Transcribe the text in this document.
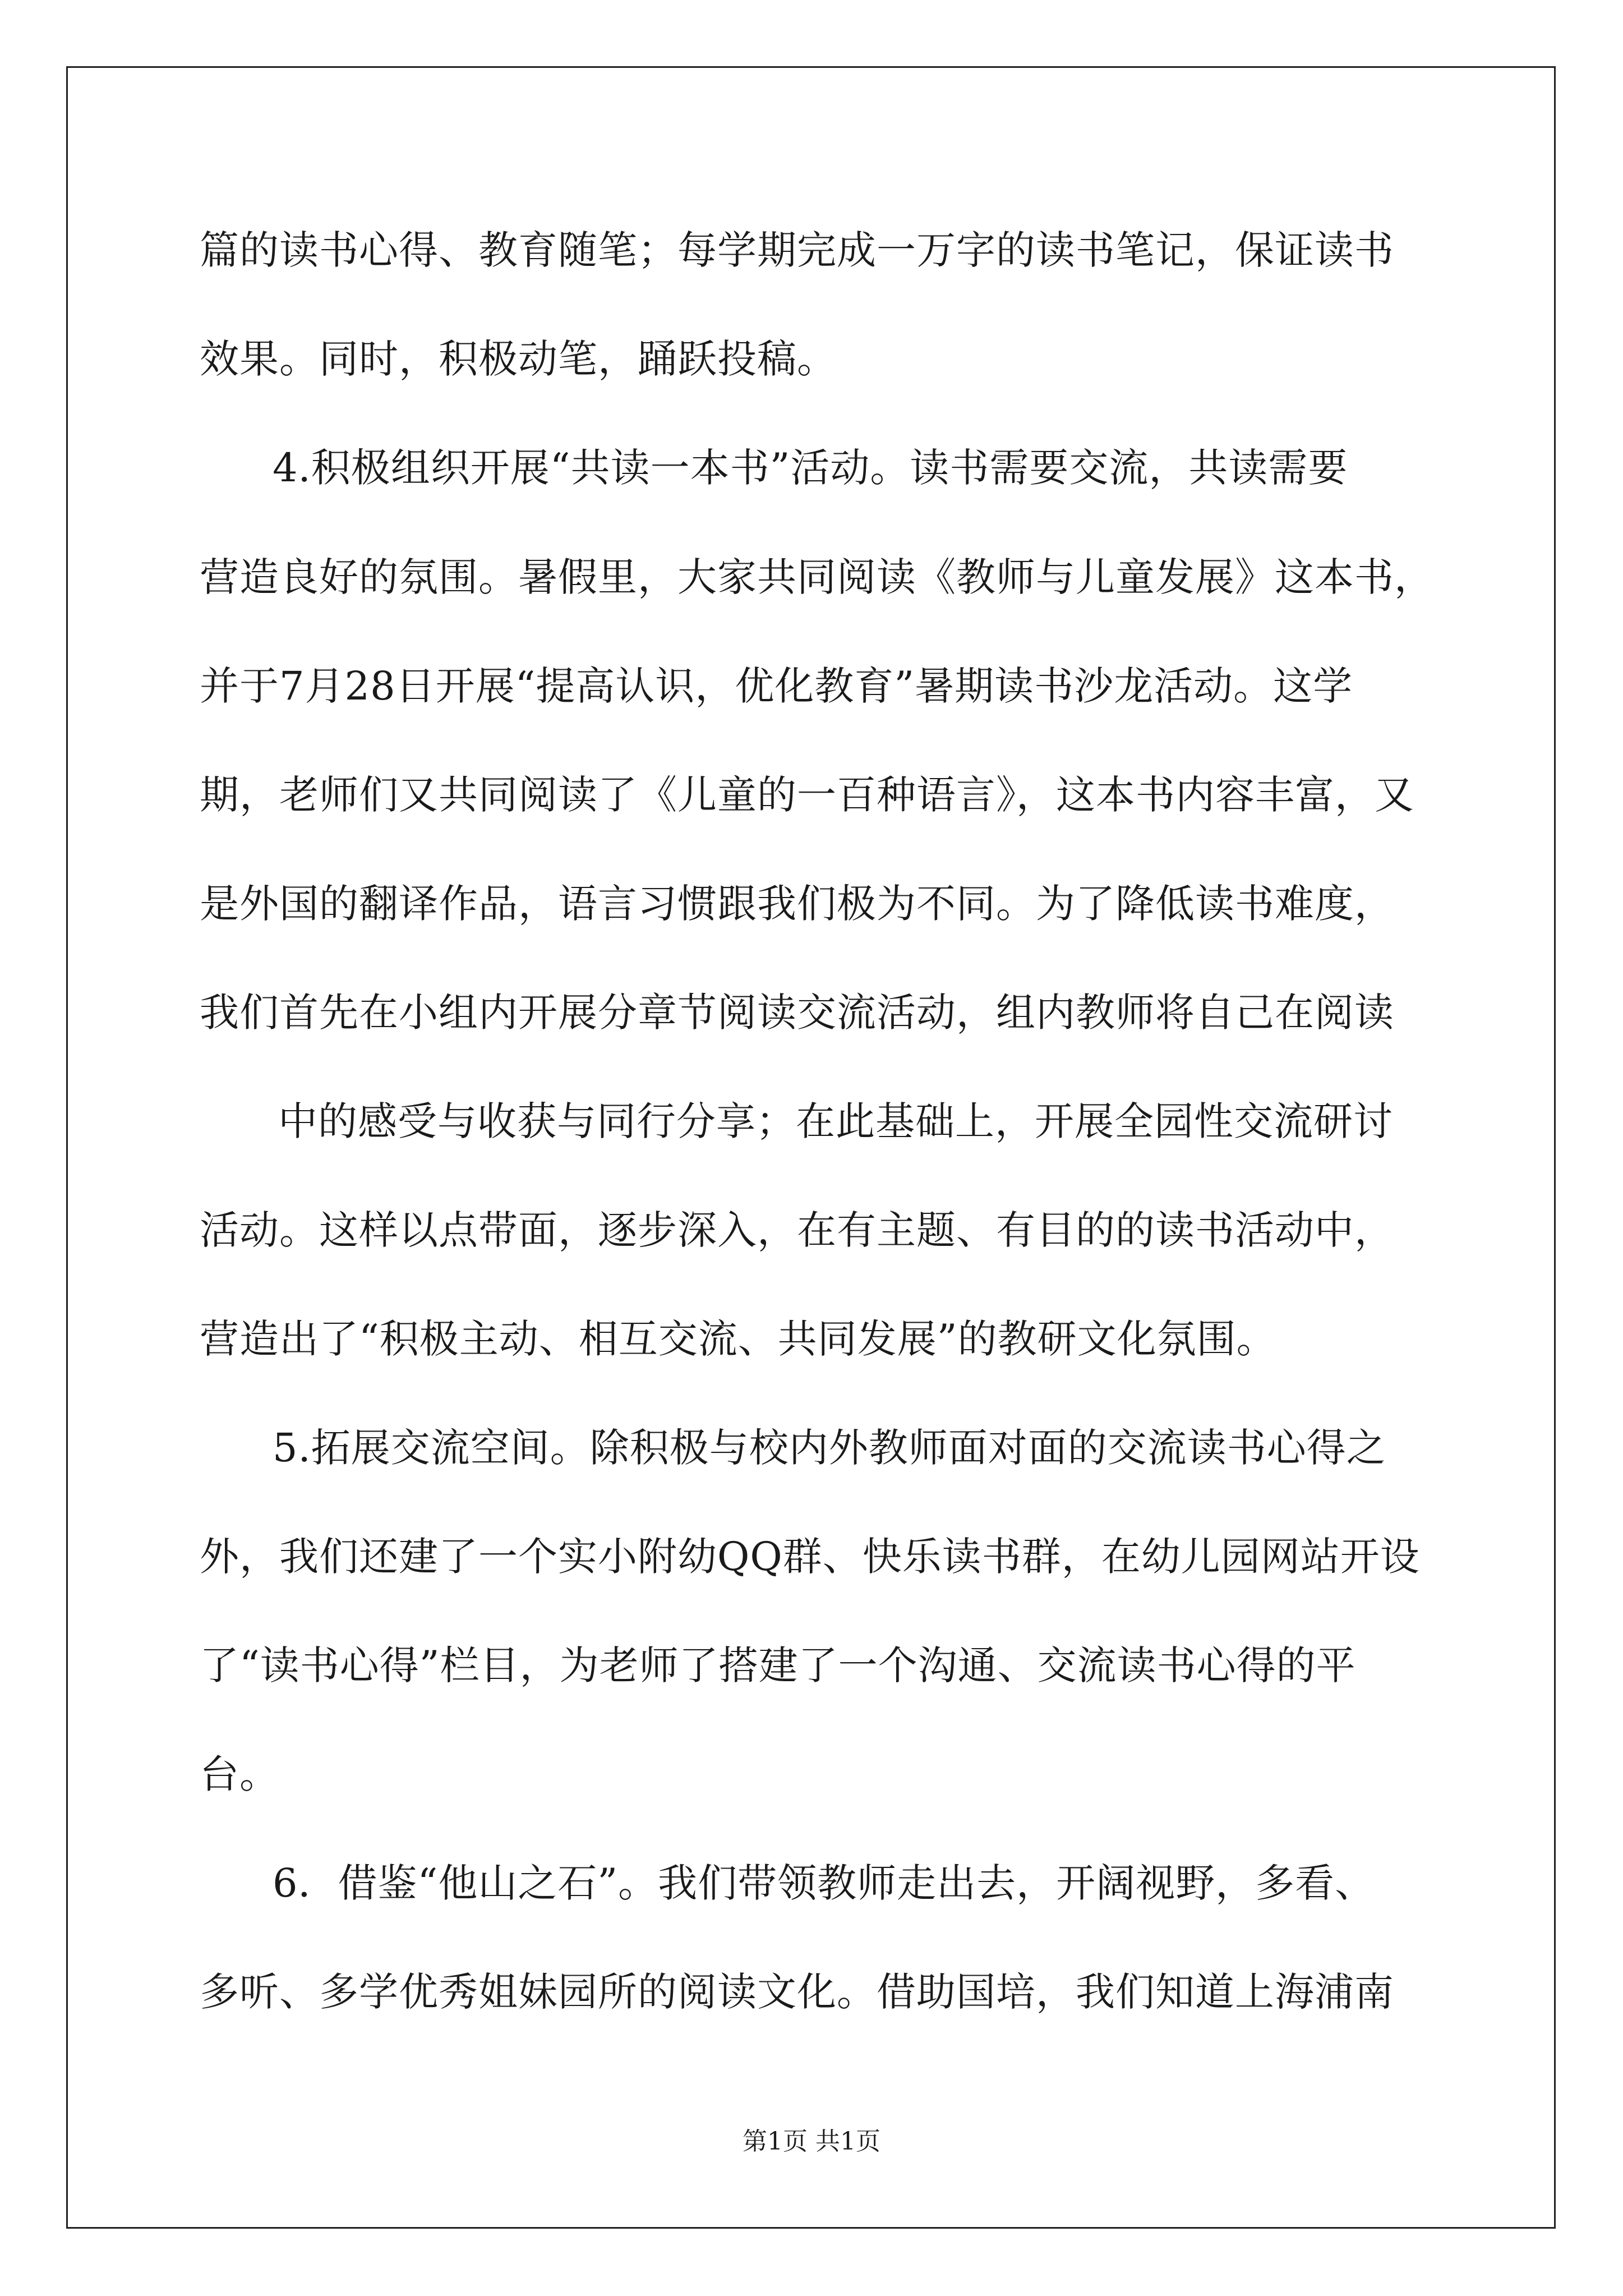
篇的读书心得、教育随笔；每学期完成一万字的读书笔记，保证读书
效果。同时，积极动笔，踊跃投稿。
4.积极组织开展“共读一本书”活动。读书需要交流，共读需要
营造良好的氛围。暑假里，大家共同阅读《教师与儿童发展》这本书，
并于7月28日开展“提高认识，优化教育”暑期读书沙龙活动。这学
期，老师们又共同阅读了《儿童的一百种语言》，这本书内容丰富，又
是外国的翻译作品，语言习惯跟我们极为不同。为了降低读书难度，
我们首先在小组内开展分章节阅读交流活动，组内教师将自己在阅读
中的感受与收获与同行分享；在此基础上，开展全园性交流研讨
活动。这样以点带面，逐步深入，在有主题、有目的的读书活动中，
营造出了“积极主动、相互交流、共同发展”的教研文化氛围。
5.拓展交流空间。除积极与校内外教师面对面的交流读书心得之
外，我们还建了一个实小附幼QQ群、快乐读书群，在幼儿园网站开设
了“读书心得”栏目，为老师了搭建了一个沟通、交流读书心得的平
台。
6．借鉴“他山之石”。我们带领教师走出去，开阔视野，多看、
多听、多学优秀姐妹园所的阅读文化。借助国培，我们知道上海浦南
第1页 共1页
